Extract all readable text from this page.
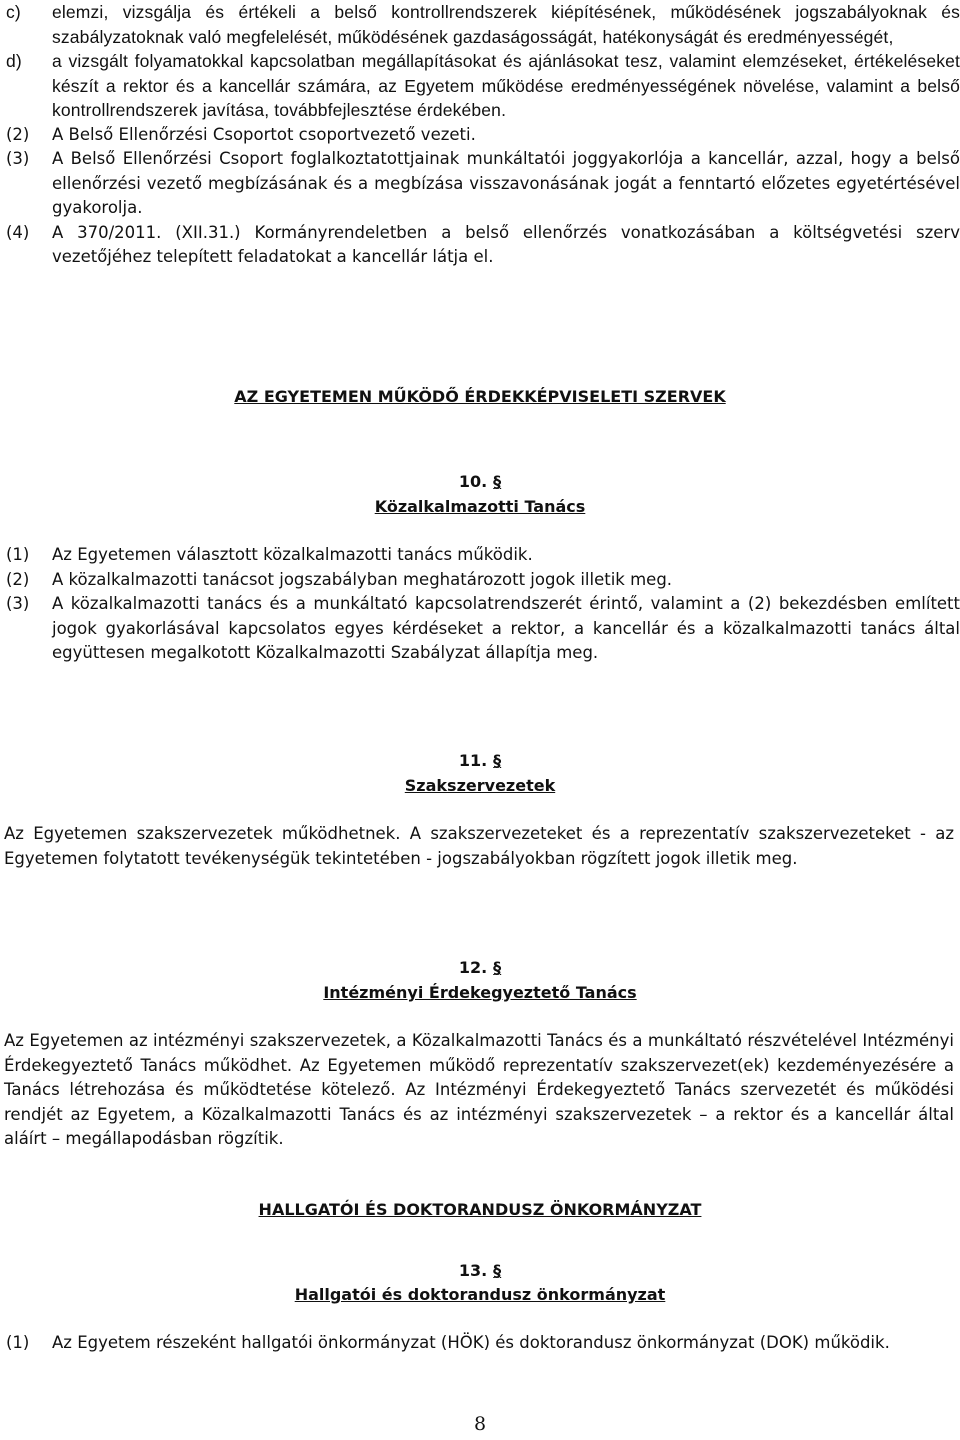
c) elemzi, vizsgálja és értékeli a belső kontrollrendszerek kiépítésének, működésének jogszabályoknak és szabályzatoknak való megfelelését, működésének gazdaságosságát, hatékonyságát és eredményességét,
d) a vizsgált folyamatokkal kapcsolatban megállapításokat és ajánlásokat tesz, valamint elemzéseket, értékeléseket készít a rektor és a kancellár számára, az Egyetem működése eredményességének növelése, valamint a belső kontrollrendszerek javítása, továbbfejlesztése érdekében.
(2) A Belső Ellenőrzési Csoportot csoportvezető vezeti.
(3) A Belső Ellenőrzési Csoport foglalkoztatottjainak munkáltatói joggyakorlója a kancellár, azzal, hogy a belső ellenőrzési vezető megbízásának és a megbízása visszavonásának jogát a fenntartó előzetes egyetértésével gyakorolja.
(4) A 370/2011. (XII.31.) Kormányrendeletben a belső ellenőrzés vonatkozásában a költségvetési szerv vezetőjéhez telepített feladatokat a kancellár látja el.
AZ EGYETEMEN MŰKÖDŐ ÉRDEKKÉPVISELETI SZERVEK
10. §
Közalkalmazotti Tanács
(1) Az Egyetemen választott közalkalmazotti tanács működik.
(2) A közalkalmazotti tanácsot jogszabályban meghatározott jogok illetik meg.
(3) A közalkalmazotti tanács és a munkáltató kapcsolatrendszerét érintő, valamint a (2) bekezdésben említett jogok gyakorlásával kapcsolatos egyes kérdéseket a rektor, a kancellár és a közalkalmazotti tanács által együttesen megalkotott Közalkalmazotti Szabályzat állapítja meg.
11. §
Szakszervezetek
Az Egyetemen szakszervezetek működhetnek. A szakszervezeteket és a reprezentatív szakszervezeteket - az Egyetemen folytatott tevékenységük tekintetében - jogszabályokban rögzített jogok illetik meg.
12. §
Intézményi Érdekegyeztető Tanács
Az Egyetemen az intézményi szakszervezetek, a Közalkalmazotti Tanács és a munkáltató részvételével Intézményi Érdekegyeztető Tanács működhet. Az Egyetemen működő reprezentatív szakszervezet(ek) kezdeményezésére a Tanács létrehozása és működtetése kötelező. Az Intézményi Érdekegyeztető Tanács szervezetét és működési rendjét az Egyetem, a Közalkalmazotti Tanács és az intézményi szakszervezetek – a rektor és a kancellár által aláírt – megállapodásban rögzítik.
HALLGATÓI ÉS DOKTORANDUSZ ÖNKORMÁNYZAT
13. §
Hallgatói és doktorandusz önkormányzat
(1) Az Egyetem részeként hallgatói önkormányzat (HÖK) és doktorandusz önkormányzat (DOK) működik.
8
